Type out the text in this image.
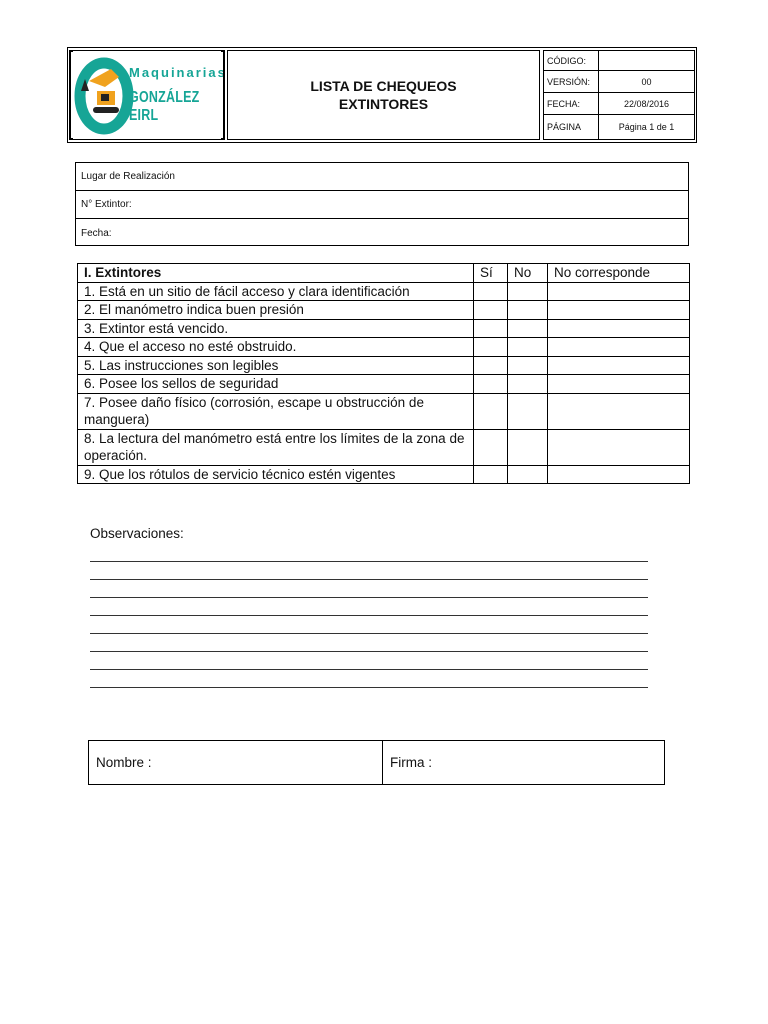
Maquinarias
GONZÁLEZ EIRL
LISTA DE CHEQUEOS
EXTINTORES
CÓDIGO:
VERSIÓN:	00
FECHA:	22/08/2016
PÁGINA	Página 1 de 1
Lugar de Realización
N° Extintor:
Fecha:
I. Extintores	Sí	No	No corresponde
1. Está en un sitio de fácil acceso y clara identificación			
2. El manómetro indica buen presión			
3. Extintor está vencido.			
4. Que el acceso no esté obstruido.			
5. Las instrucciones son legibles			
6. Posee los sellos de seguridad			
7. Posee daño físico (corrosión, escape u obstrucción de manguera)			
8. La lectura del manómetro está entre los límites de la zona de operación.			
9. Que los rótulos de servicio técnico estén vigentes			
Observaciones:
Nombre :	Firma :
